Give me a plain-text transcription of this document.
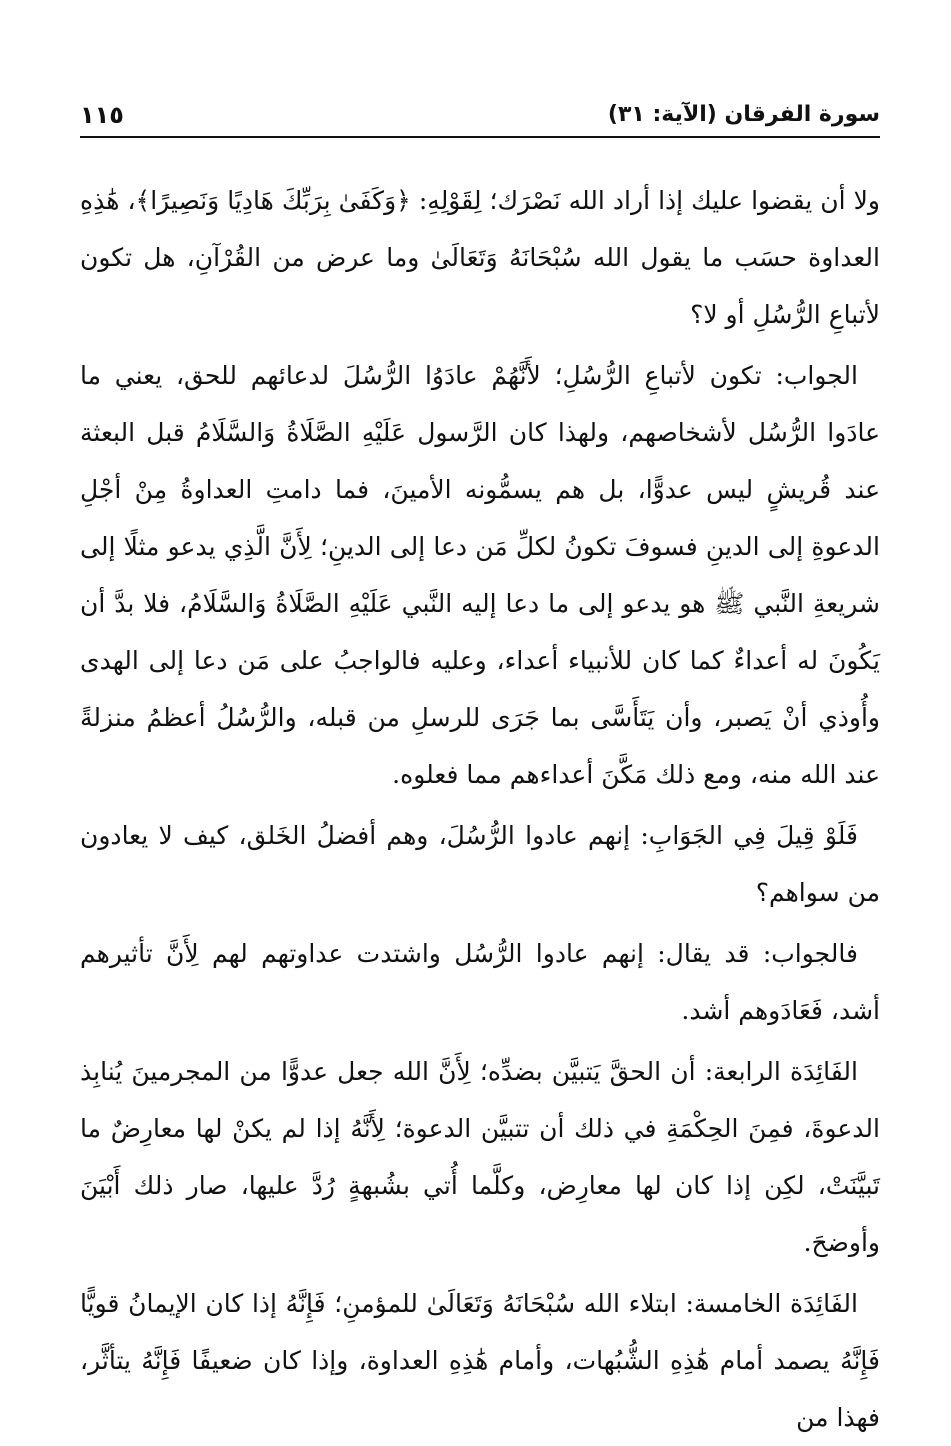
سورة الفرقان (الآية: ٣١)
١١٥

ولا أن يقضوا عليك إذا أراد الله نَصْرَك؛ لِقَوْلِهِ: ﴿وَكَفَىٰ بِرَبِّكَ هَادِيًا وَنَصِيرًا﴾، هَٰذِهِ العداوة حسَب ما يقول الله سُبْحَانَهُ وَتَعَالَىٰ وما عرض من القُرْآنِ، هل تكون لأتباعِ الرُّسُلِ أو لا؟

الجواب: تكون لأتباعِ الرُّسُلِ؛ لأَنَّهُمْ عادَوُا الرُّسُلَ لدعائهم للحق، يعني ما عادَوا الرُّسُل لأشخاصهم، ولهذا كان الرَّسول عَلَيْهِ الصَّلَاةُ وَالسَّلَامُ قبل البعثة عند قُريشٍ ليس عدوًّا، بل هم يسمُّونه الأمينَ، فما دامتِ العداوةُ مِنْ أجْلِ الدعوةِ إلى الدينِ فسوفَ تكونُ لكلِّ مَن دعا إلى الدينِ؛ لِأَنَّ الَّذِي يدعو مثلًا إلى شريعةِ النَّبي ﷺ هو يدعو إلى ما دعا إليه النَّبي عَلَيْهِ الصَّلَاةُ وَالسَّلَامُ، فلا بدَّ أن يَكُونَ له أعداءٌ كما كان للأنبياء أعداء، وعليه فالواجبُ على مَن دعا إلى الهدى وأُوذي أنْ يَصبر، وأن يَتَأَسَّى بما جَرَى للرسلِ من قبله، والرُّسُلُ أعظمُ منزلةً عند الله منه، ومع ذلك مَكَّنَ أعداءهم مما فعلوه.

فَلَوْ قِيلَ فِي الجَوَابِ: إنهم عادوا الرُّسُلَ، وهم أفضلُ الخَلق، كيف لا يعادون من سواهم؟

فالجواب: قد يقال: إنهم عادوا الرُّسُل واشتدت عداوتهم لهم لِأَنَّ تأثيرهم أشد، فَعَادَوهم أشد.

الفَائِدَة الرابعة: أن الحقَّ يَتبيَّن بضدِّه؛ لِأَنَّ الله جعل عدوًّا من المجرمينَ يُنابِذ الدعوةَ، فمِنَ الحِكْمَةِ في ذلك أن تتبيَّن الدعوة؛ لِأَنَّهُ إذا لم يكنْ لها معارِضٌ ما تَبيَّنَتْ، لكِن إذا كان لها معارِض، وكلَّما أُتي بشُبهةٍ رُدَّ عليها، صار ذلك أَبْيَنَ وأوضحَ.

الفَائِدَة الخامسة: ابتلاء الله سُبْحَانَهُ وَتَعَالَىٰ للمؤمنِ؛ فَإِنَّهُ إذا كان الإيمانُ قويًّا فَإِنَّهُ يصمد أمام هَٰذِهِ الشُّبُهات، وأمام هَٰذِهِ العداوة، وإذا كان ضعيفًا فَإِنَّهُ يتأثَّر، فهذا من
